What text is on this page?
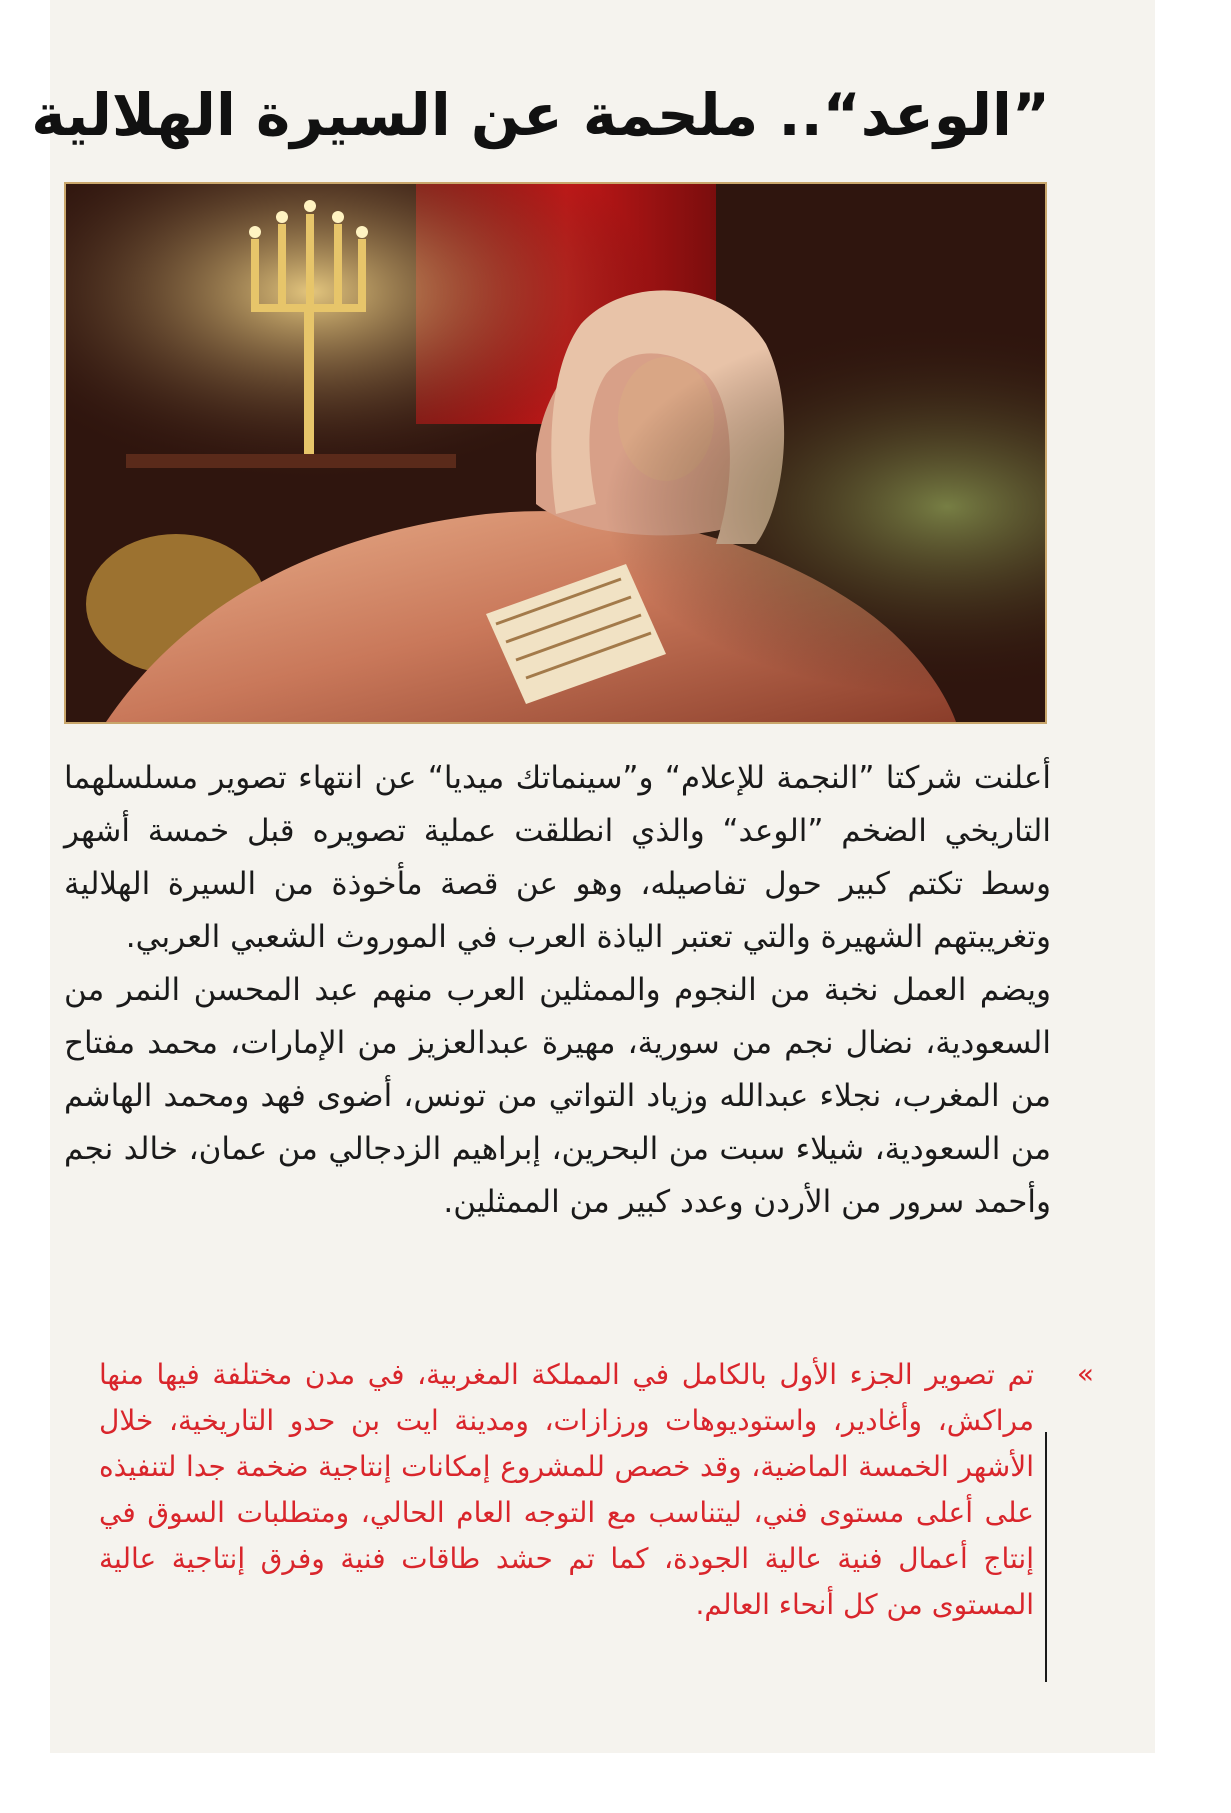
”الوعد“.. ملحمة عن السيرة الهلالية

أعلنت شركتا ”النجمة للإعلام“ و”سينماتك ميديا“ عن انتهاء تصوير مسلسلهما التاريخي الضخم ”الوعد“ والذي انطلقت عملية تصويره قبل خمسة أشهر وسط تكتم كبير حول تفاصيله، وهو عن قصة مأخوذة من السيرة الهلالية وتغريبتهم الشهيرة والتي تعتبر الياذة العرب في الموروث الشعبي العربي.

ويضم العمل نخبة من النجوم والممثلين العرب منهم عبد المحسن النمر من السعودية، نضال نجم من سورية، مهيرة عبدالعزيز من الإمارات، محمد مفتاح من المغرب، نجلاء عبدالله وزياد التواتي من تونس، أضوى فهد ومحمد الهاشم من السعودية، شيلاء سبت من البحرين، إبراهيم الزدجالي من عمان، خالد نجم وأحمد سرور من الأردن وعدد كبير من الممثلين.

»

تم تصوير الجزء الأول بالكامل في المملكة المغربية، في مدن مختلفة فيها منها مراكش، وأغادير، واستوديوهات ورزازات، ومدينة ايت بن حدو التاريخية، خلال الأشهر الخمسة الماضية، وقد خصص للمشروع إمكانات إنتاجية ضخمة جدا لتنفيذه على أعلى مستوى فني، ليتناسب مع التوجه العام الحالي، ومتطلبات السوق في إنتاج أعمال فنية عالية الجودة، كما تم حشد طاقات فنية وفرق إنتاجية عالية المستوى من كل أنحاء العالم.
